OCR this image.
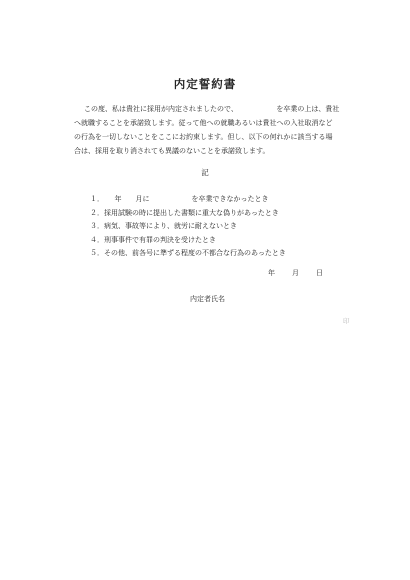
内定誓約書

この度、私は貴社に採用が内定されましたので、　　　　　　を卒業の上は、貴社

へ就職することを承諾致します。従って他への就職あるいは貴社への入社取消など

の行為を一切しないことをここにお約束します。但し、以下の何れかに該当する場

合は、採用を取り消されても異議のないことを承諾致します。

記
１．　　年　　月に　　　　　　を卒業できなかったとき
２．採用試験の時に提出した書類に重大な偽りがあったとき
３．病気、事故等により、就労に耐えないとき
４．刑事事件で有罪の判決を受けたとき
５．その他、前各号に準ずる程度の不都合な行為のあったとき
年 月 日
内定者氏名
印
